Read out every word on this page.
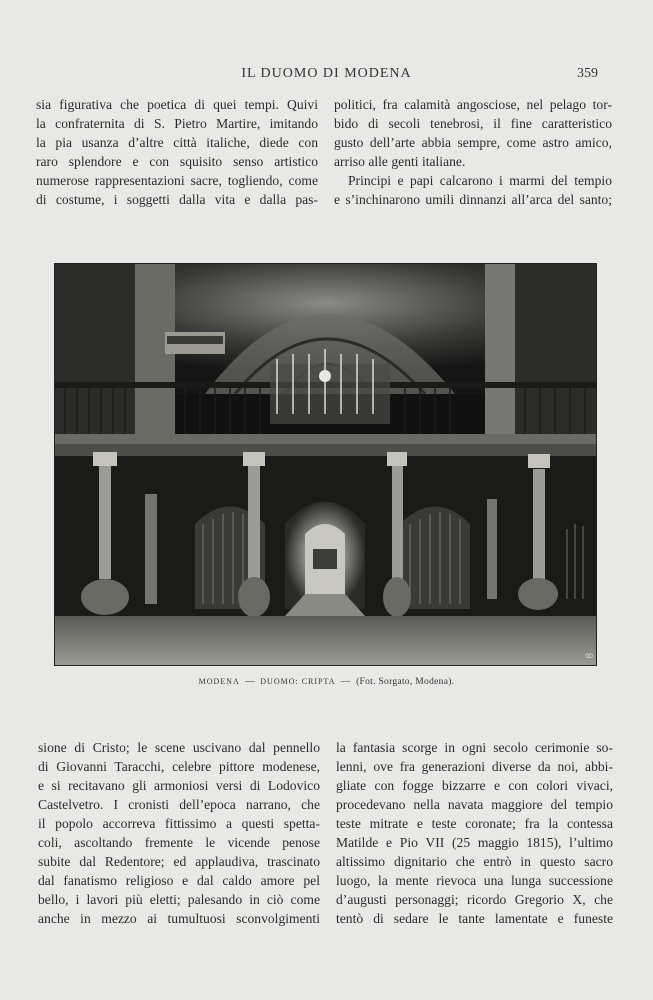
IL DUOMO DI MODENA	359
sia figurativa che poetica di quei tempi. Quivi
la confraternita di S. Pietro Martire, imitando
la pia usanza d’altre città italiche, diede con
raro splendore e con squisito senso artistico
numerose rappresentazioni sacre, togliendo, come
di costume, i soggetti dalla vita e dalla pas-
politici, fra calamità angosciose, nel pelago tor-
bido di secoli tenebrosi, il fine caratteristico
gusto dell’arte abbia sempre, come astro amico,
arriso alle genti italiane.
Principi e papi calcarono i marmi del tempio
e s’inchinarono umili dinnanzi all’arca del santo;
ꝏ
MODENA — DUOMO: CRIPTA — (Fot. Sorgato, Modena).
sione di Cristo; le scene uscivano dal pennello
di Giovanni Taracchi, celebre pittore modenese,
e si recitavano gli armoniosi versi di Lodovico
Castelvetro. I cronisti dell’epoca narrano, che
il popolo accorreva fittissimo a questi spetta-
coli, ascoltando fremente le vicende penose
subite dal Redentore; ed applaudiva, trascinato
dal fanatismo religioso e dal caldo amore pel
bello, i lavori più eletti; palesando in ciò come
anche in mezzo ai tumultuosi sconvolgimenti
la fantasia scorge in ogni secolo cerimonie so-
lenni, ove fra generazioni diverse da noi, abbi-
gliate con fogge bizzarre e con colori vivaci,
procedevano nella navata maggiore del tempio
teste mitrate e teste coronate; fra la contessa
Matilde e Pio VII (25 maggio 1815), l’ultimo
altissimo dignitario che entrò in questo sacro
luogo, la mente rievoca una lunga successione
d’augusti personaggi; ricordo Gregorio X, che
tentò di sedare le tante lamentate e funeste
